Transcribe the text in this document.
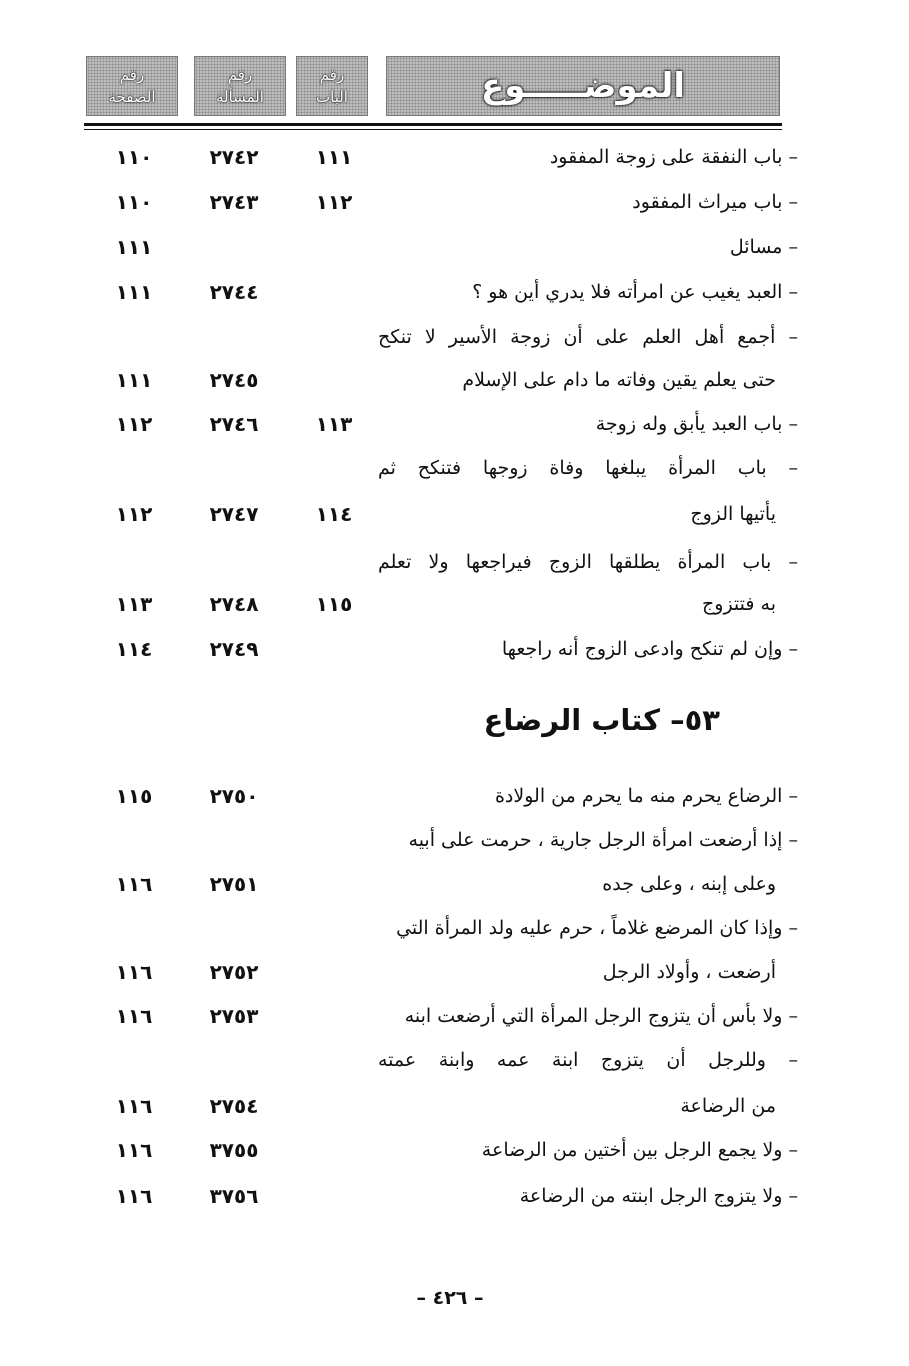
رقم
الصفحة
رقم
المسألة
رقم
الباب	الموضـــــوع
– باب النفقة على زوجة المفقود
١١١
٢٧٤٢
١١٠
– باب ميراث المفقود
١١٢
٢٧٤٣
١١٠
– مسائل
١١١
– العبد يغيب عن امرأته فلا يدري أين هو ؟
٢٧٤٤
١١١
– أجمع أهل العلم على أن زوجة الأسير لا تنكح
حتى يعلم يقين وفاته ما دام على الإسلام
٢٧٤٥
١١١
– باب العبد يأبق وله زوجة
١١٣
٢٧٤٦
١١٢
– باب المرأة يبلغها وفاة زوجها فتنكح ثم
يأتيها الزوج
١١٤
٢٧٤٧
١١٢
– باب المرأة يطلقها الزوج فيراجعها ولا تعلم
به فتتزوج
١١٥
٢٧٤٨
١١٣
– وإن لم تنكح وادعى الزوج أنه راجعها
٢٧٤٩
١١٤
٥٣– كتاب الرضاع
– الرضاع يحرم منه ما يحرم من الولادة
٢٧٥٠
١١٥
– إذا أرضعت امرأة الرجل جارية ، حرمت على أبيه
وعلى إبنه ، وعلى جده
٢٧٥١
١١٦
– وإذا كان المرضع غلاماً ، حرم عليه ولد المرأة التي
أرضعت ، وأولاد الرجل
٢٧٥٢
١١٦
– ولا بأس أن يتزوج الرجل المرأة التي أرضعت ابنه
٢٧٥٣
١١٦
– وللرجل أن يتزوج ابنة عمه وابنة عمته
من الرضاعة
٢٧٥٤
١١٦
– ولا يجمع الرجل بين أختين من الرضاعة
٣٧٥٥
١١٦
– ولا يتزوج الرجل ابنته من الرضاعة
٣٧٥٦
١١٦
– ٤٢٦ –
